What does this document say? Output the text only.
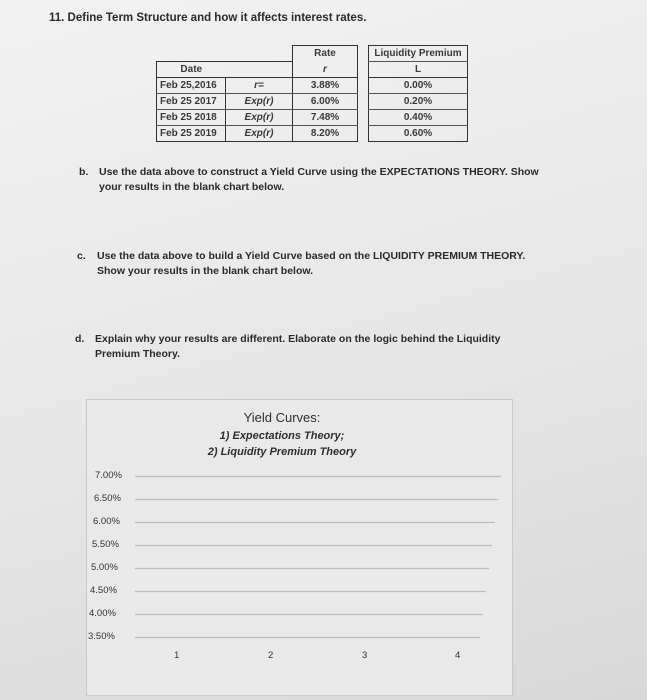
11. Define Term Structure and how it affects interest rates.
		Rate		Liquidity Premium
Date		r		L
Feb 25,2016	r=	3.88%		0.00%
Feb 25 2017	Exp(r)	6.00%		0.20%
Feb 25 2018	Exp(r)	7.48%		0.40%
Feb 25 2019	Exp(r)	8.20%		0.60%
b. Use the data above to construct a Yield Curve using the EXPECTATIONS THEORY. Show
your results in the blank chart below.
c. Use the data above to build a Yield Curve based on the LIQUIDITY PREMIUM THEORY.
Show your results in the blank chart below.
d. Explain why your results are different. Elaborate on the logic behind the Liquidity
Premium Theory.
Yield Curves:
1) Expectations Theory;
2) Liquidity Premium Theory
7.00%
6.50%
6.00%
5.50%
5.00%
4.50%
4.00%
3.50%
1	2	3	4
